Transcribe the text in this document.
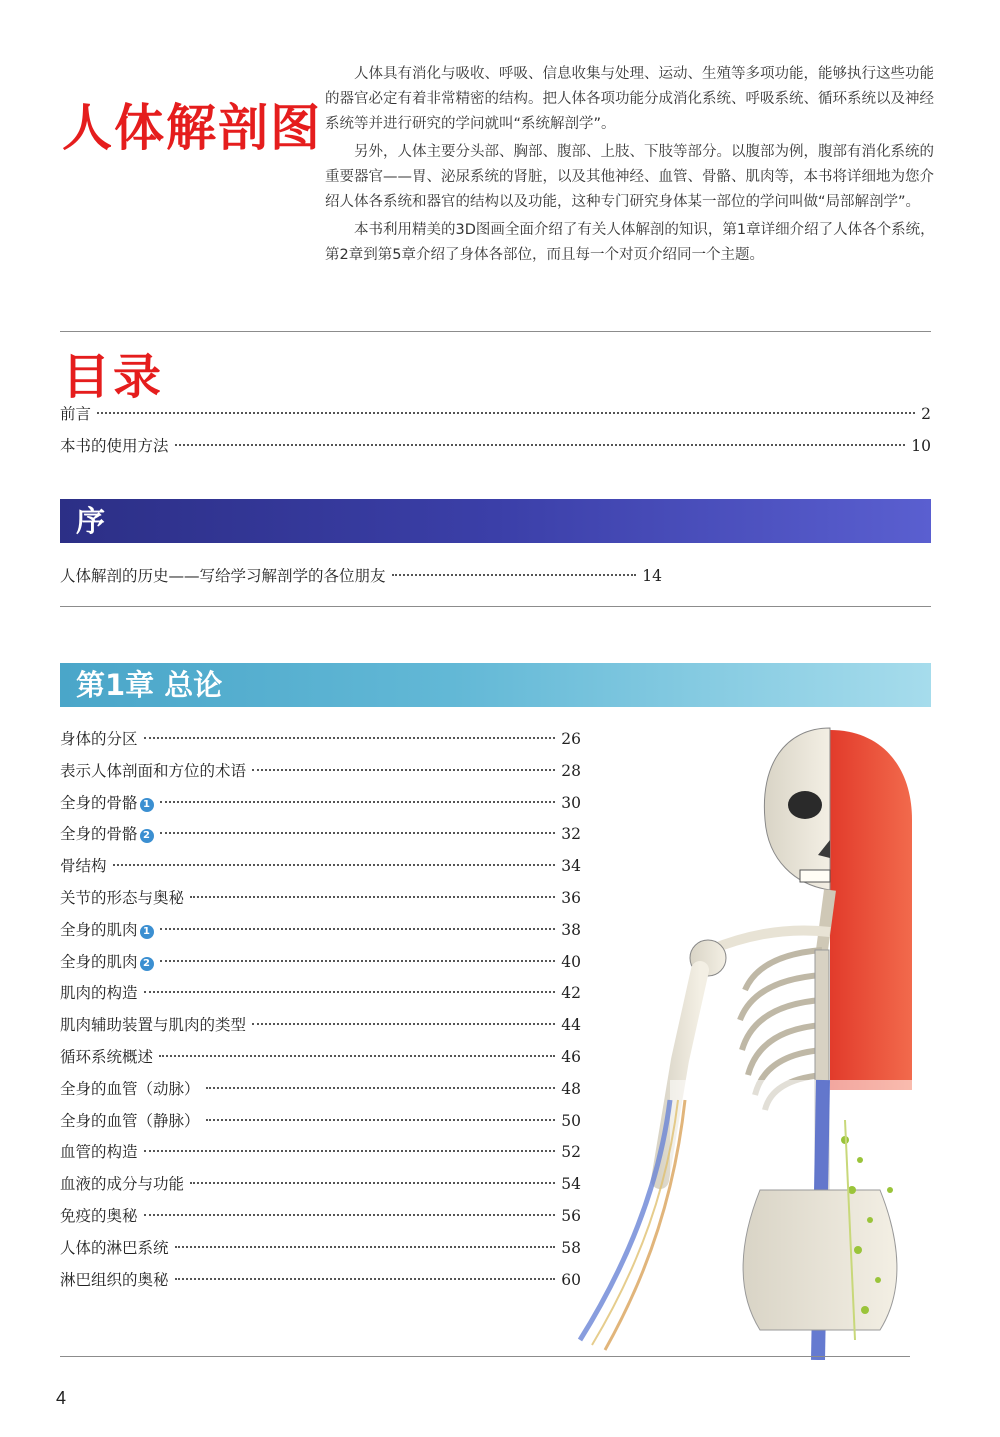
人体解剖图

人体具有消化与吸收、呼吸、信息收集与处理、运动、生殖等多项功能，能够执行这些功能的器官必定有着非常精密的结构。把人体各项功能分成消化系统、呼吸系统、循环系统以及神经系统等并进行研究的学问就叫“系统解剖学”。

另外，人体主要分头部、胸部、腹部、上肢、下肢等部分。以腹部为例，腹部有消化系统的重要器官——胃、泌尿系统的肾脏，以及其他神经、血管、骨骼、肌肉等，本书将详细地为您介绍人体各系统和器官的结构以及功能，这种专门研究身体某一部位的学问叫做“局部解剖学”。

本书利用精美的3D图画全面介绍了有关人体解剖的知识，第1章详细介绍了人体各个系统，第2章到第5章介绍了身体各部位，而且每一个对页介绍同一个主题。

目录
前言	2
本书的使用方法	10
序
人体解剖的历史——写给学习解剖学的各位朋友	14
第1章 总论
身体的分区	26
表示人体剖面和方位的术语	28
全身的骨骼 1	30
全身的骨骼 2	32
骨结构	34
关节的形态与奥秘	36
全身的肌肉 1	38
全身的肌肉 2	40
肌肉的构造	42
肌肉辅助装置与肌肉的类型	44
循环系统概述	46
全身的血管（动脉）	48
全身的血管（静脉）	50
血管的构造	52
血液的成分与功能	54
免疫的奥秘	56
人体的淋巴系统	58
淋巴组织的奥秘	60
4
